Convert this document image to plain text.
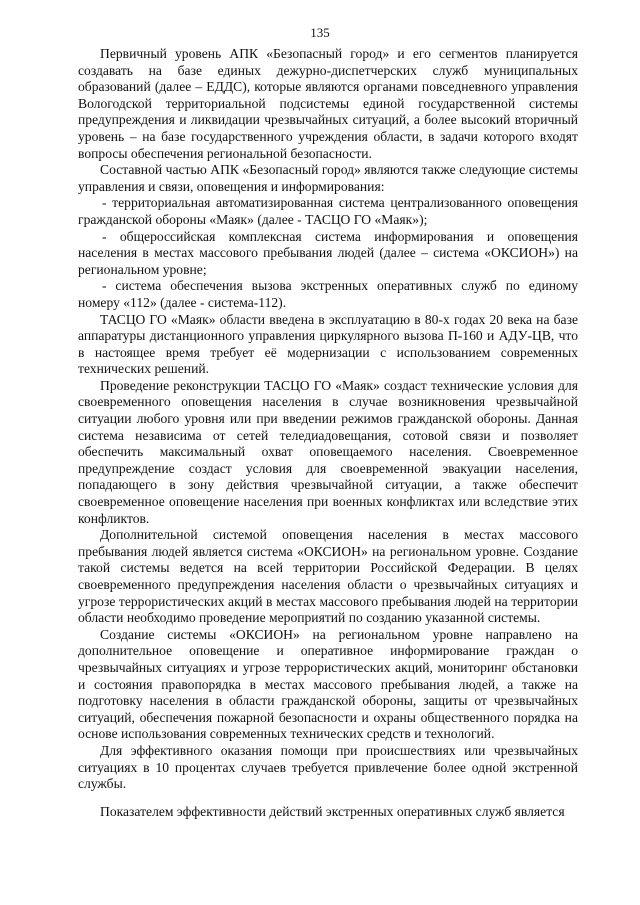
135

Первичный уровень АПК «Безопасный город» и его сегментов планируется создавать на базе единых дежурно-диспетчерских служб муниципальных образований (далее – ЕДДС), которые являются органами повседневного управления Вологодской территориальной подсистемы единой государственной системы предупреждения и ликвидации чрезвычайных ситуаций, а более высокий вторичный уровень – на базе государственного учреждения области, в задачи которого входят вопросы обеспечения региональной безопасности.

Составной частью АПК «Безопасный город» являются также следующие системы управления и связи, оповещения и информирования:

- территориальная автоматизированная система централизованного оповещения гражданской обороны «Маяк» (далее - ТАСЦО ГО «Маяк»);

- общероссийская комплексная система информирования и оповещения населения в местах массового пребывания людей (далее – система «ОКСИОН») на региональном уровне;

- система обеспечения вызова экстренных оперативных служб по единому номеру «112» (далее - система-112).

ТАСЦО ГО «Маяк» области введена в эксплуатацию в 80-х годах 20 века на базе аппаратуры дистанционного управления циркулярного вызова П-160 и АДУ-ЦВ, что в настоящее время требует её модернизации с использованием современных технических решений.

Проведение реконструкции ТАСЦО ГО «Маяк» создаст технические условия для своевременного оповещения населения в случае возникновения чрезвычайной ситуации любого уровня или при введении режимов гражданской обороны. Данная система независима от сетей теледиадовещания, сотовой связи и позволяет обеспечить максимальный охват оповещаемого населения. Своевременное предупреждение создаст условия для своевременной эвакуации населения, попадающего в зону действия чрезвычайной ситуации, а также обеспечит своевременное оповещение населения при военных конфликтах или вследствие этих конфликтов.

Дополнительной системой оповещения населения в местах массового пребывания людей является система «ОКСИОН» на региональном уровне. Создание такой системы ведется на всей территории Российской Федерации. В целях своевременного предупреждения населения области о чрезвычайных ситуациях и угрозе террористических акций в местах массового пребывания людей на территории области необходимо проведение мероприятий по созданию указанной системы.

Создание системы «ОКСИОН» на региональном уровне направлено на дополнительное оповещение и оперативное информирование граждан о чрезвычайных ситуациях и угрозе террористических акций, мониторинг обстановки и состояния правопорядка в местах массового пребывания людей, а также на подготовку населения в области гражданской обороны, защиты от чрезвычайных ситуаций, обеспечения пожарной безопасности и охраны общественного порядка на основе использования современных технических средств и технологий.

Для эффективного оказания помощи при происшествиях или чрезвычайных ситуациях в 10 процентах случаев требуется привлечение более одной экстренной службы.

Показателем эффективности действий экстренных оперативных служб является
